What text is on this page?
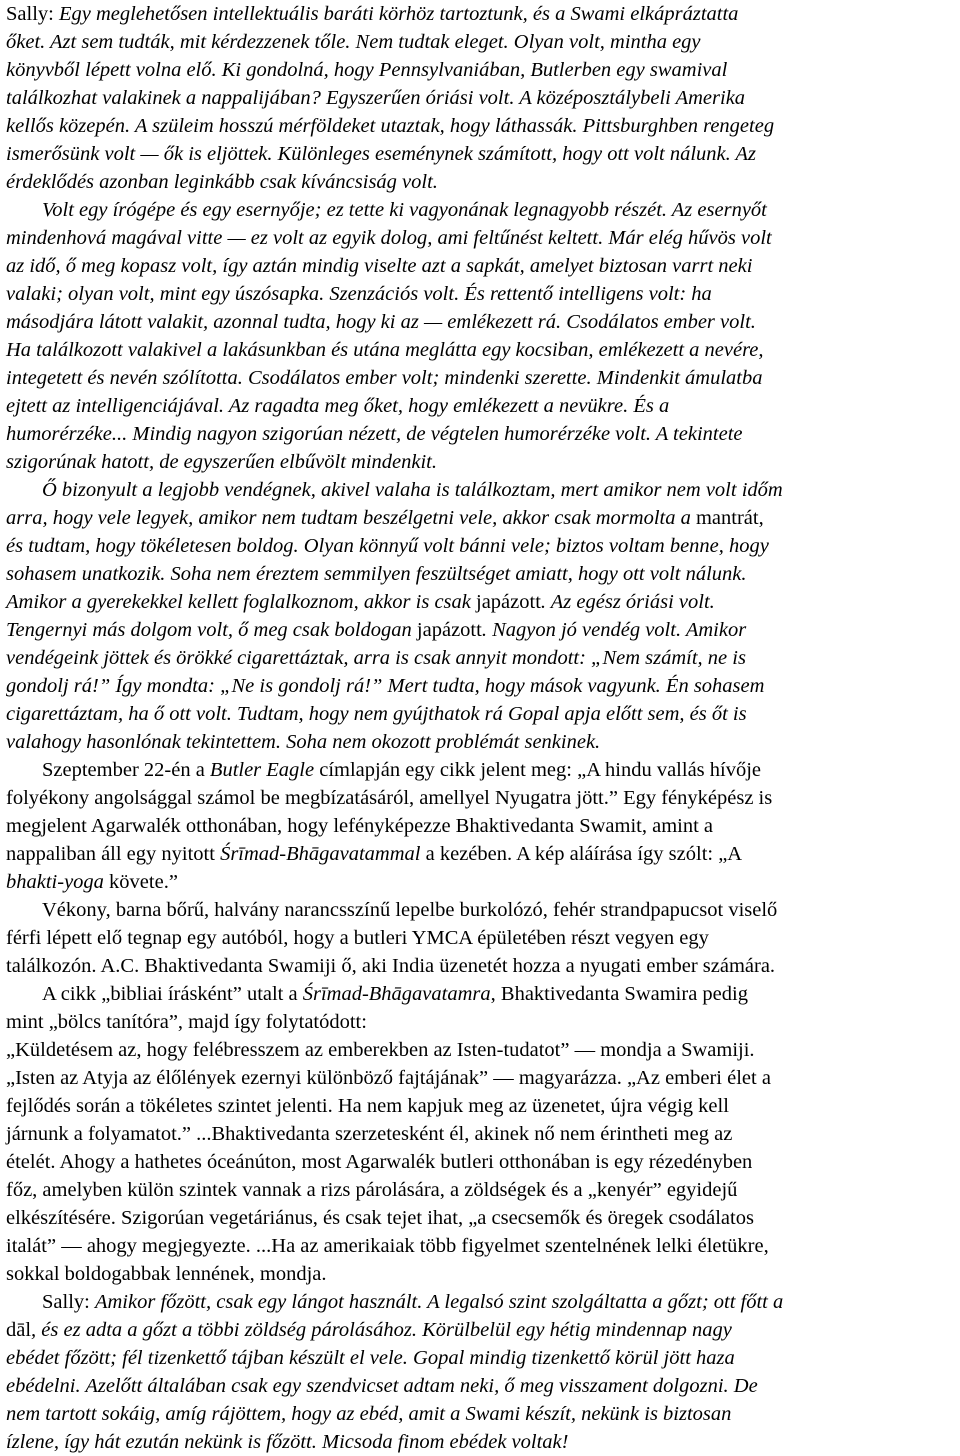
Sally: Egy meglehetősen intellektuális baráti körhöz tartoztunk, és a Swami elkápráztatta
őket. Azt sem tudták, mit kérdezzenek tőle. Nem tudtak eleget. Olyan volt, mintha egy
könyvből lépett volna elő. Ki gondolná, hogy Pennsylvaniában, Butlerben egy swamival
találkozhat valakinek a nappalijában? Egyszerűen óriási volt. A középosztálybeli Amerika
kellős közepén. A szüleim hosszú mérföldeket utaztak, hogy láthassák. Pittsburghben rengeteg
ismerősünk volt — ők is eljöttek. Különleges eseménynek számított, hogy ott volt nálunk. Az
érdeklődés azonban leginkább csak kíváncsiság volt.
Volt egy írógépe és egy esernyője; ez tette ki vagyonának legnagyobb részét. Az esernyőt
mindenhová magával vitte — ez volt az egyik dolog, ami feltűnést keltett. Már elég hűvös volt
az idő, ő meg kopasz volt, így aztán mindig viselte azt a sapkát, amelyet biztosan varrt neki
valaki; olyan volt, mint egy úszósapka. Szenzációs volt. És rettentő intelligens volt: ha
másodjára látott valakit, azonnal tudta, hogy ki az — emlékezett rá. Csodálatos ember volt.
Ha találkozott valakivel a lakásunkban és utána meglátta egy kocsiban, emlékezett a nevére,
integetett és nevén szólította. Csodálatos ember volt; mindenki szerette. Mindenkit ámulatba
ejtett az intelligenciájával. Az ragadta meg őket, hogy emlékezett a nevükre. És a
humorérzéke... Mindig nagyon szigorúan nézett, de végtelen humorérzéke volt. A tekintete
szigorúnak hatott, de egyszerűen elbűvölt mindenkit.
Ő bizonyult a legjobb vendégnek, akivel valaha is találkoztam, mert amikor nem volt időm
arra, hogy vele legyek, amikor nem tudtam beszélgetni vele, akkor csak mormolta a mantrát,
és tudtam, hogy tökéletesen boldog. Olyan könnyű volt bánni vele; biztos voltam benne, hogy
sohasem unatkozik. Soha nem éreztem semmilyen feszültséget amiatt, hogy ott volt nálunk.
Amikor a gyerekekkel kellett foglalkoznom, akkor is csak japázott. Az egész óriási volt.
Tengernyi más dolgom volt, ő meg csak boldogan japázott. Nagyon jó vendég volt. Amikor
vendégeink jöttek és örökké cigarettáztak, arra is csak annyit mondott: „Nem számít, ne is
gondolj rá!” Így mondta: „Ne is gondolj rá!” Mert tudta, hogy mások vagyunk. Én sohasem
cigarettáztam, ha ő ott volt. Tudtam, hogy nem gyújthatok rá Gopal apja előtt sem, és őt is
valahogy hasonlónak tekintettem. Soha nem okozott problémát senkinek.
Szeptember 22-én a Butler Eagle címlapján egy cikk jelent meg: „A hindu vallás hívője
folyékony angolsággal számol be megbízatásáról, amellyel Nyugatra jött.” Egy fényképész is
megjelent Agarwalék otthonában, hogy lefényképezze Bhaktivedanta Swamit, amint a
nappaliban áll egy nyitott Śrīmad-Bhāgavatammal a kezében. A kép aláírása így szólt: „A
bhakti-yoga követe.”
Vékony, barna bőrű, halvány narancsszínű lepelbe burkolózó, fehér strandpapucsot viselő
férfi lépett elő tegnap egy autóból, hogy a butleri YMCA épületében részt vegyen egy
találkozón. A.C. Bhaktivedanta Swamiji ő, aki India üzenetét hozza a nyugati ember számára.
A cikk „bibliai írásként” utalt a Śrīmad-Bhāgavatamra, Bhaktivedanta Swamira pedig
mint „bölcs tanítóra”, majd így folytatódott:
„Küldetésem az, hogy felébresszem az emberekben az Isten-tudatot” — mondja a Swamiji.
„Isten az Atyja az élőlények ezernyi különböző fajtájának” — magyarázza. „Az emberi élet a
fejlődés során a tökéletes szintet jelenti. Ha nem kapjuk meg az üzenetet, újra végig kell
járnunk a folyamatot.” ...Bhaktivedanta szerzetesként él, akinek nő nem érintheti meg az
ételét. Ahogy a hathetes óceánúton, most Agarwalék butleri otthonában is egy rézedényben
főz, amelyben külön szintek vannak a rizs párolására, a zöldségek és a „kenyér” egyidejű
elkészítésére. Szigorúan vegetáriánus, és csak tejet ihat, „a csecsemők és öregek csodálatos
italát” — ahogy megjegyezte. ...Ha az amerikaiak több figyelmet szentelnének lelki életükre,
sokkal boldogabbak lennének, mondja.
Sally: Amikor főzött, csak egy lángot használt. A legalsó szint szolgáltatta a gőzt; ott főtt a
dāl, és ez adta a gőzt a többi zöldség párolásához. Körülbelül egy hétig mindennap nagy
ebédet főzött; fél tizenkettő tájban készült el vele. Gopal mindig tizenkettő körül jött haza
ebédelni. Azelőtt általában csak egy szendvicset adtam neki, ő meg visszament dolgozni. De
nem tartott sokáig, amíg rájöttem, hogy az ebéd, amit a Swami készít, nekünk is biztosan
ízlene, így hát ezután nekünk is főzött. Micsoda finom ebédek voltak!
